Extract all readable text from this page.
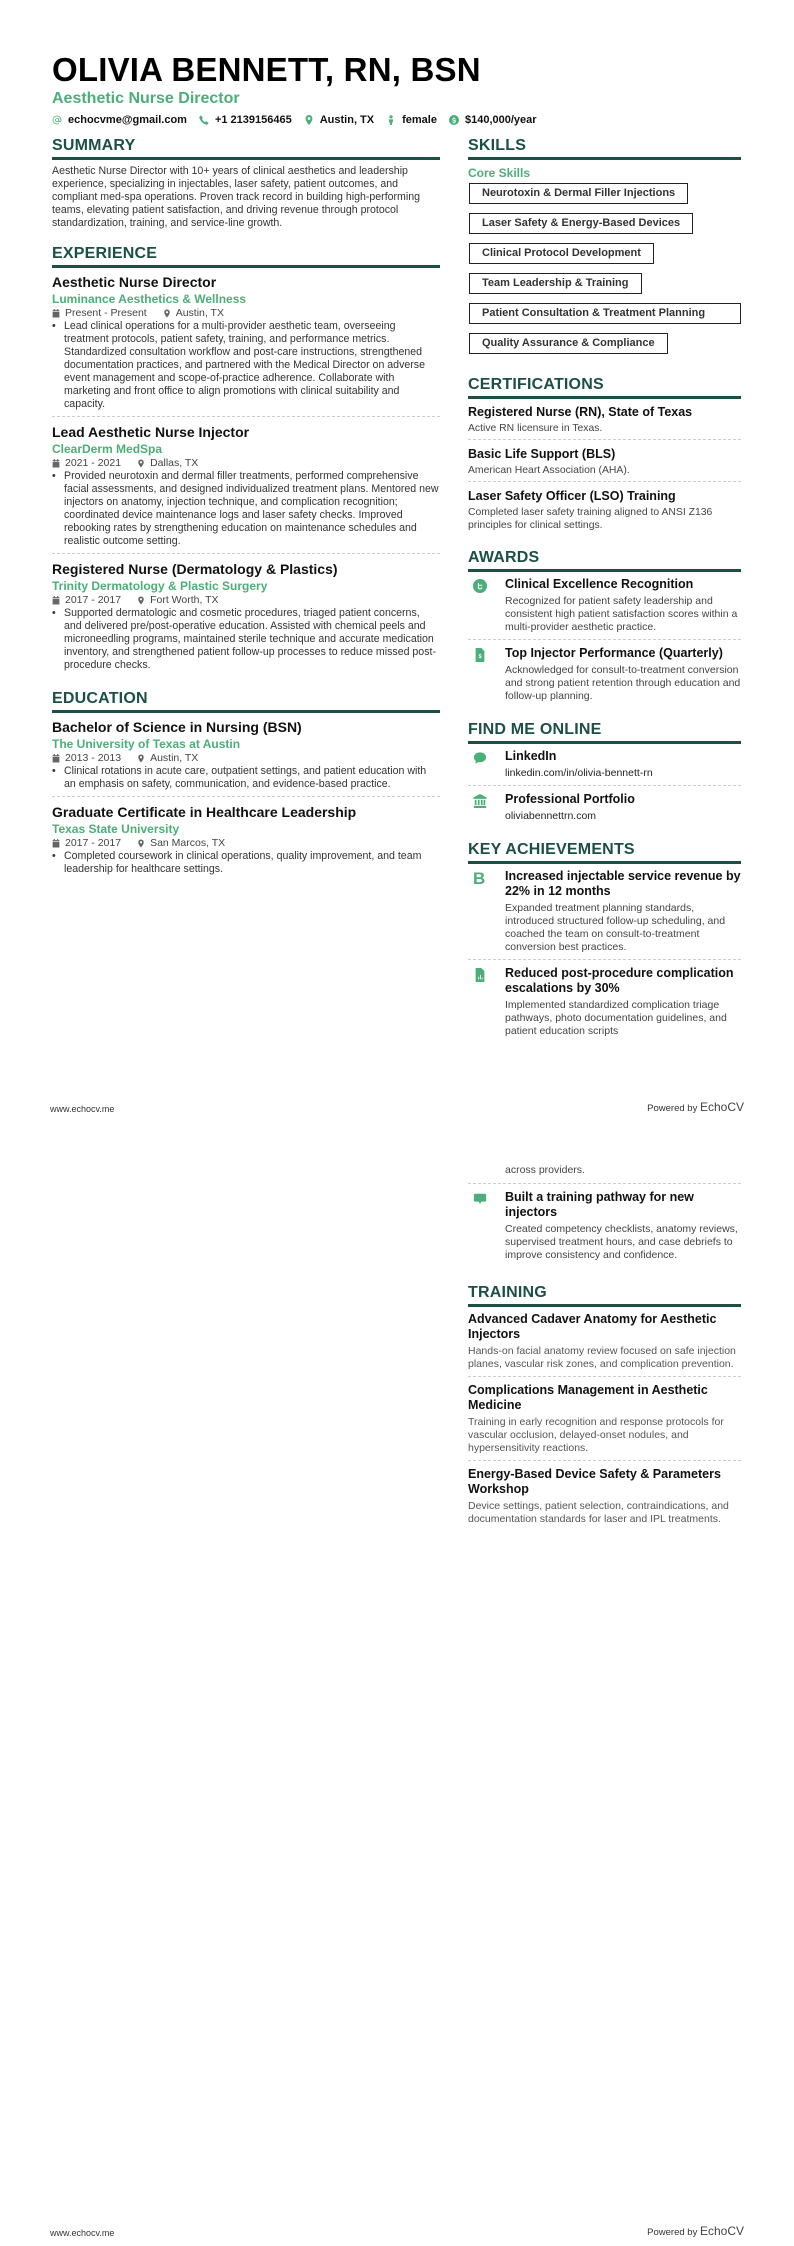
OLIVIA BENNETT, RN, BSN
Aesthetic Nurse Director
echocvme@gmail.com	+1 2139156465	Austin, TX	female	$140,000/year
SUMMARY
Aesthetic Nurse Director with 10+ years of clinical aesthetics and leadership experience, specializing in injectables, laser safety, patient outcomes, and compliant med-spa operations. Proven track record in building high-performing teams, elevating patient satisfaction, and driving revenue through protocol standardization, training, and service-line growth.
EXPERIENCE
Aesthetic Nurse Director
Luminance Aesthetics & Wellness
Present - Present	Austin, TX
• Lead clinical operations for a multi-provider aesthetic team, overseeing treatment protocols, patient safety, training, and performance metrics. Standardized consultation workflow and post-care instructions, strengthened documentation practices, and partnered with the Medical Director on adverse event management and scope-of-practice adherence. Collaborate with marketing and front office to align promotions with clinical suitability and capacity.
Lead Aesthetic Nurse Injector
ClearDerm MedSpa
2021 - 2021	Dallas, TX
• Provided neurotoxin and dermal filler treatments, performed comprehensive facial assessments, and designed individualized treatment plans. Mentored new injectors on anatomy, injection technique, and complication recognition; coordinated device maintenance logs and laser safety checks. Improved rebooking rates by strengthening education on maintenance schedules and realistic outcome setting.
Registered Nurse (Dermatology & Plastics)
Trinity Dermatology & Plastic Surgery
2017 - 2017	Fort Worth, TX
• Supported dermatologic and cosmetic procedures, triaged patient concerns, and delivered pre/post-operative education. Assisted with chemical peels and microneedling programs, maintained sterile technique and accurate medication inventory, and strengthened patient follow-up processes to reduce missed post-procedure checks.
EDUCATION
Bachelor of Science in Nursing (BSN)
The University of Texas at Austin
2013 - 2013	Austin, TX
• Clinical rotations in acute care, outpatient settings, and patient education with an emphasis on safety, communication, and evidence-based practice.
Graduate Certificate in Healthcare Leadership
Texas State University
2017 - 2017	San Marcos, TX
• Completed coursework in clinical operations, quality improvement, and team leadership for healthcare settings.
SKILLS
Core Skills
Neurotoxin & Dermal Filler Injections
Laser Safety & Energy-Based Devices
Clinical Protocol Development
Team Leadership & Training
Patient Consultation & Treatment Planning
Quality Assurance & Compliance
CERTIFICATIONS
Registered Nurse (RN), State of Texas
Active RN licensure in Texas.
Basic Life Support (BLS)
American Heart Association (AHA).
Laser Safety Officer (LSO) Training
Completed laser safety training aligned to ANSI Z136 principles for clinical settings.
AWARDS
Clinical Excellence Recognition
Recognized for patient safety leadership and consistent high patient satisfaction scores within a multi-provider aesthetic practice.
Top Injector Performance (Quarterly)
Acknowledged for consult-to-treatment conversion and strong patient retention through education and follow-up planning.
FIND ME ONLINE
LinkedIn
linkedin.com/in/olivia-bennett-rn
Professional Portfolio
oliviabennettrn.com
KEY ACHIEVEMENTS
B	Increased injectable service revenue by 22% in 12 months
Expanded treatment planning standards, introduced structured follow-up scheduling, and coached the team on consult-to-treatment conversion best practices.
Reduced post-procedure complication escalations by 30%
Implemented standardized complication triage pathways, photo documentation guidelines, and patient education scripts
www.echocv.me	Powered by EchoCV
across providers.
Built a training pathway for new injectors
Created competency checklists, anatomy reviews, supervised treatment hours, and case debriefs to improve consistency and confidence.
TRAINING
Advanced Cadaver Anatomy for Aesthetic Injectors
Hands-on facial anatomy review focused on safe injection planes, vascular risk zones, and complication prevention.
Complications Management in Aesthetic Medicine
Training in early recognition and response protocols for vascular occlusion, delayed-onset nodules, and hypersensitivity reactions.
Energy-Based Device Safety & Parameters Workshop
Device settings, patient selection, contraindications, and documentation standards for laser and IPL treatments.
www.echocv.me	Powered by EchoCV
